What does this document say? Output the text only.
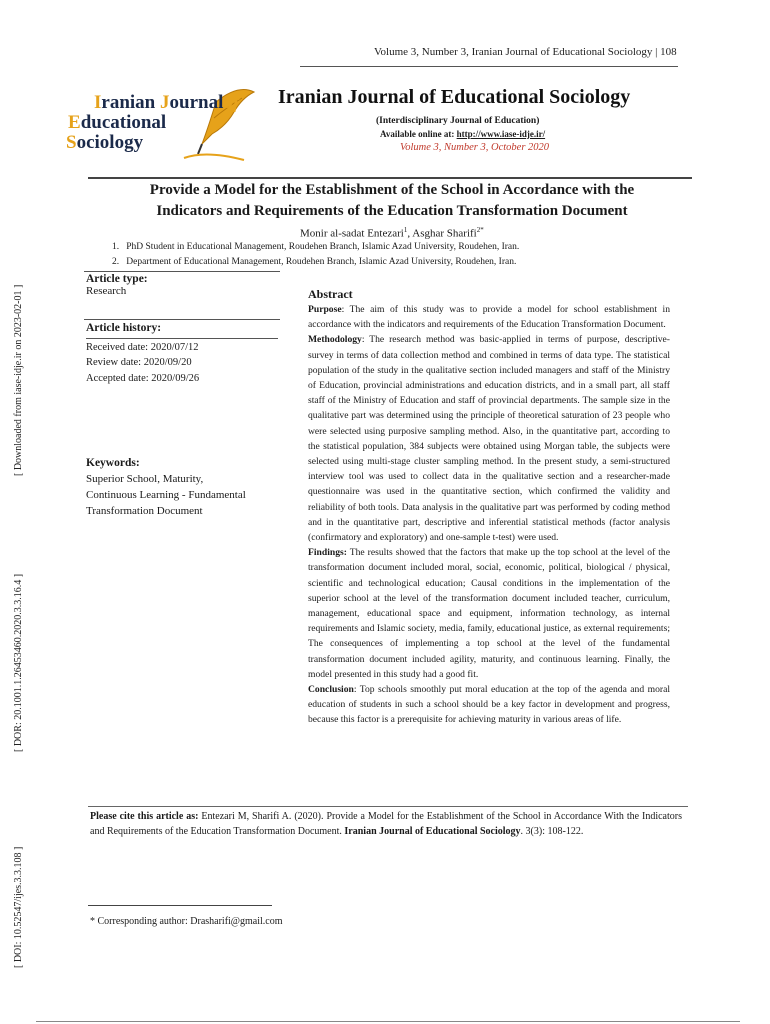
Volume 3, Number 3, Iranian Journal of Educational Sociology | 108
Iranian Journalof
Educational
Sociology
Iranian Journal of Educational Sociology
(Interdisciplinary Journal of Education)
Available online at: http://www.iase-idje.ir/
Volume 3, Number 3, October 2020
[ Downloaded from iase-idje.ir on 2023-02-01 ]
[ DOR: 20.1001.1.26453460.2020.3.3.16.4 ]
[ DOI: 10.52547/ijes.3.3.108 ]
Provide a Model for the Establishment of the School in Accordance with the
Indicators and Requirements of the Education Transformation Document
Monir al-sadat Entezari$^1$, Asghar Sharifi$^{2*}$
1. PhD Student in Educational Management, Roudehen Branch, Islamic Azad University, Roudehen, Iran.
2. Department of Educational Management, Roudehen Branch, Islamic Azad University, Roudehen, Iran.
Article type:
Research
Article history:
Received date: 2020/07/12
Review date: 2020/09/20
Accepted date: 2020/09/26
Keywords:
Superior School, Maturity,
Continuous Learning - Fundamental
Transformation Document
Abstract
Purpose: The aim of this study was to provide a model for school establishment in accordance with the indicators and requirements of the Education Transformation Document.
Methodology: The research method was basic-applied in terms of purpose, descriptive-survey in terms of data collection method and combined in terms of data type. The statistical population of the study in the qualitative section included managers and staff of the Ministry of Education, provincial administrations and education districts, and in a small part, all staff staff of the Ministry of Education and staff of provincial departments. The sample size in the qualitative part was determined using the principle of theoretical saturation of 23 people who were selected using purposive sampling method. Also, in the quantitative part, according to the statistical population, 384 subjects were obtained using Morgan table, the subjects were selected using multi-stage cluster sampling method. In the present study, a semi-structured interview tool was used to collect data in the qualitative section and a researcher-made questionnaire was used in the quantitative section, which confirmed the validity and reliability of both tools. Data analysis in the qualitative part was performed by coding method and in the quantitative part, descriptive and inferential statistical methods (factor analysis (confirmatory and exploratory) and one-sample t-test) were used.
Findings: The results showed that the factors that make up the top school at the level of the transformation document included moral, social, economic, political, biological / physical, scientific and technological education; Causal conditions in the implementation of the superior school at the level of the transformation document included teacher, curriculum, management, educational space and equipment, information technology, as internal requirements and Islamic society, media, family, educational justice, as external requirements; The consequences of implementing a top school at the level of the fundamental transformation document included agility, maturity, and continuous learning. Finally, the model presented in this study had a good fit.
Conclusion: Top schools smoothly put moral education at the top of the agenda and moral education of students in such a school should be a key factor in development and progress, because this factor is a prerequisite for achieving maturity in various areas of life.
Please cite this article as: Entezari M, Sharifi A. (2020). Provide a Model for the Establishment of the School in Accordance With the Indicators and Requirements of the Education Transformation Document. Iranian Journal of Educational Sociology. 3(3): 108-122.
* Corresponding author: Drasharifi@gmail.com
